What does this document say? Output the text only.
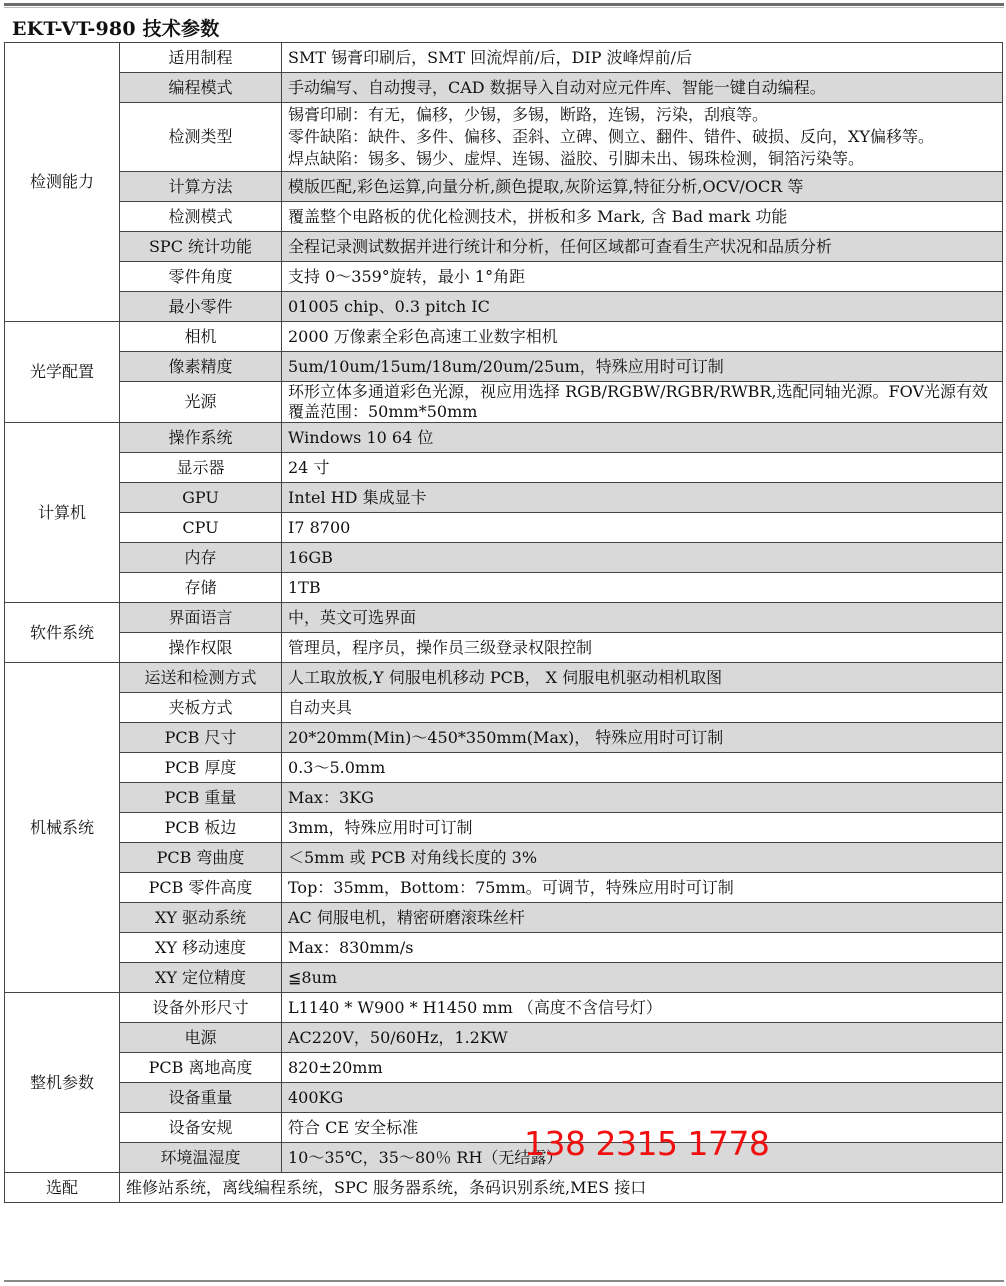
EKT-VT-980 技术参数
检测能力	适用制程	SMT 锡膏印刷后，SMT 回流焊前/后，DIP 波峰焊前/后
	编程模式	手动编写、自动搜寻，CAD 数据导入自动对应元件库、智能一键自动编程。
	检测类型	锡膏印刷：有无，偏移，少锡，多锡，断路，连锡，污染，刮痕等。
零件缺陷：缺件、多件、偏移、歪斜、立碑、侧立、翻件、错件、破损、反向，XY偏移等。
焊点缺陷：锡多、锡少、虚焊、连锡、溢胶、引脚未出、锡珠检测，铜箔污染等。

	计算方法	模版匹配,彩色运算,向量分析,颜色提取,灰阶运算,特征分析,OCV/OCR 等
	检测模式	覆盖整个电路板的优化检测技术，拼板和多 Mark, 含 Bad mark 功能
	SPC 统计功能	全程记录测试数据并进行统计和分析，任何区域都可查看生产状况和品质分析
	零件角度	支持 0～359°旋转，最小 1°角距
	最小零件	01005 chip、0.3 pitch IC
光学配置	相机	2000 万像素全彩色高速工业数字相机
	像素精度	5um/10um/15um/18um/20um/25um，特殊应用时可订制
	光源	环形立体多通道彩色光源，视应用选择 RGB/RGBW/RGBR/RWBR,选配同轴光源。FOV光源有效覆盖范围：50mm*50mm
计算机	操作系统	Windows 10 64 位
	显示器	24 寸
	GPU	Intel HD 集成显卡
	CPU	I7 8700
	内存	16GB
	存储	1TB
软件系统	界面语言	中，英文可选界面
	操作权限	管理员，程序员，操作员三级登录权限控制
机械系统	运送和检测方式	人工取放板,Y 伺服电机移动 PCB， X 伺服电机驱动相机取图
	夹板方式	自动夹具
	PCB 尺寸	20*20mm(Min)～450*350mm(Max)， 特殊应用时可订制
	PCB 厚度	0.3～5.0mm
	PCB 重量	Max：3KG
	PCB 板边	3mm，特殊应用时可订制
	PCB 弯曲度	＜5mm 或 PCB 对角线长度的 3%
	PCB 零件高度	Top：35mm，Bottom：75mm。可调节，特殊应用时可订制
	XY 驱动系统	AC 伺服电机，精密研磨滚珠丝杆
	XY 移动速度	Max：830mm/s
	XY 定位精度	≦8um
整机参数	设备外形尺寸	L1140 * W900 * H1450 mm （高度不含信号灯）
	电源	AC220V，50/60Hz，1.2KW
	PCB 离地高度	820±20mm
	设备重量	400KG
	设备安规	符合 CE 安全标准
	环境温湿度	10～35℃，35～80％ RH（无结露）
选配	维修站系统，离线编程系统，SPC 服务器系统，条码识别系统,MES 接口	
138 2315 1778
